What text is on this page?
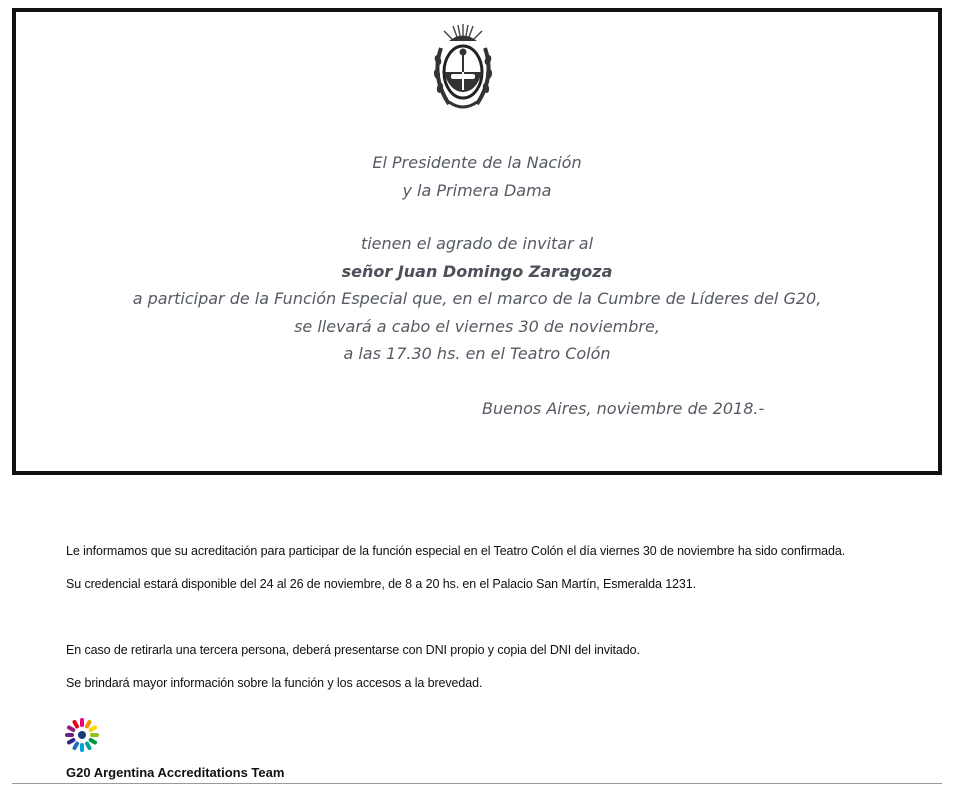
El Presidente de la Nación

y la Primera Dama

tienen el agrado de invitar al

señor Juan Domingo Zaragoza

a participar de la Función Especial que, en el marco de la Cumbre de Líderes del G20,

se llevará a cabo el viernes 30 de noviembre,

a las 17.30 hs. en el Teatro Colón

Buenos Aires, noviembre de 2018.-

Le informamos que su acreditación para participar de la función especial en el Teatro Colón el día viernes 30 de noviembre ha sido confirmada.

Su credencial estará disponible del 24 al 26 de noviembre, de 8 a 20 hs. en el Palacio San Martín, Esmeralda 1231.

En caso de retirarla una tercera persona, deberá presentarse con DNI propio y copia del DNI del invitado.

Se brindará mayor información sobre la función y los accesos a la brevedad.

G20 Argentina Accreditations Team
